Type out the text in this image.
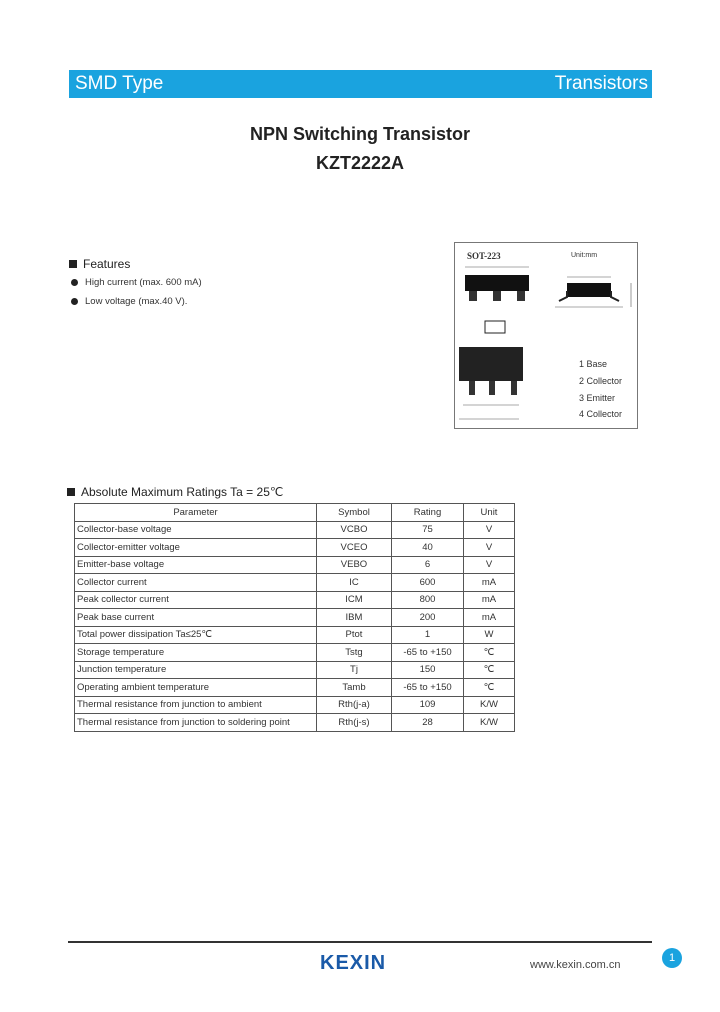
SMD Type	Transistors
NPN Switching Transistor
KZT2222A
Features
High current (max. 600 mA)
Low voltage (max.40 V).
SOT-223	Unit:mm
1 Base
2 Collector
3 Emitter
4 Collector
Absolute Maximum Ratings Ta = 25℃
Parameter	Symbol	Rating	Unit
Collector-base voltage	VCBO	75	V
Collector-emitter voltage	VCEO	40	V
Emitter-base voltage	VEBO	6	V
Collector current	IC	600	mA
Peak collector current	ICM	800	mA
Peak base current	IBM	200	mA
Total power dissipation Ta≤25℃	Ptot	1	W
Storage temperature	Tstg	-65 to +150	℃
Junction temperature	Tj	150	℃
Operating ambient temperature	Tamb	-65 to +150	℃
Thermal resistance from junction to ambient	Rth(j-a)	109	K/W
Thermal resistance from junction to soldering point	Rth(j-s)	28	K/W
KEXIN	www.kexin.com.cn
1
